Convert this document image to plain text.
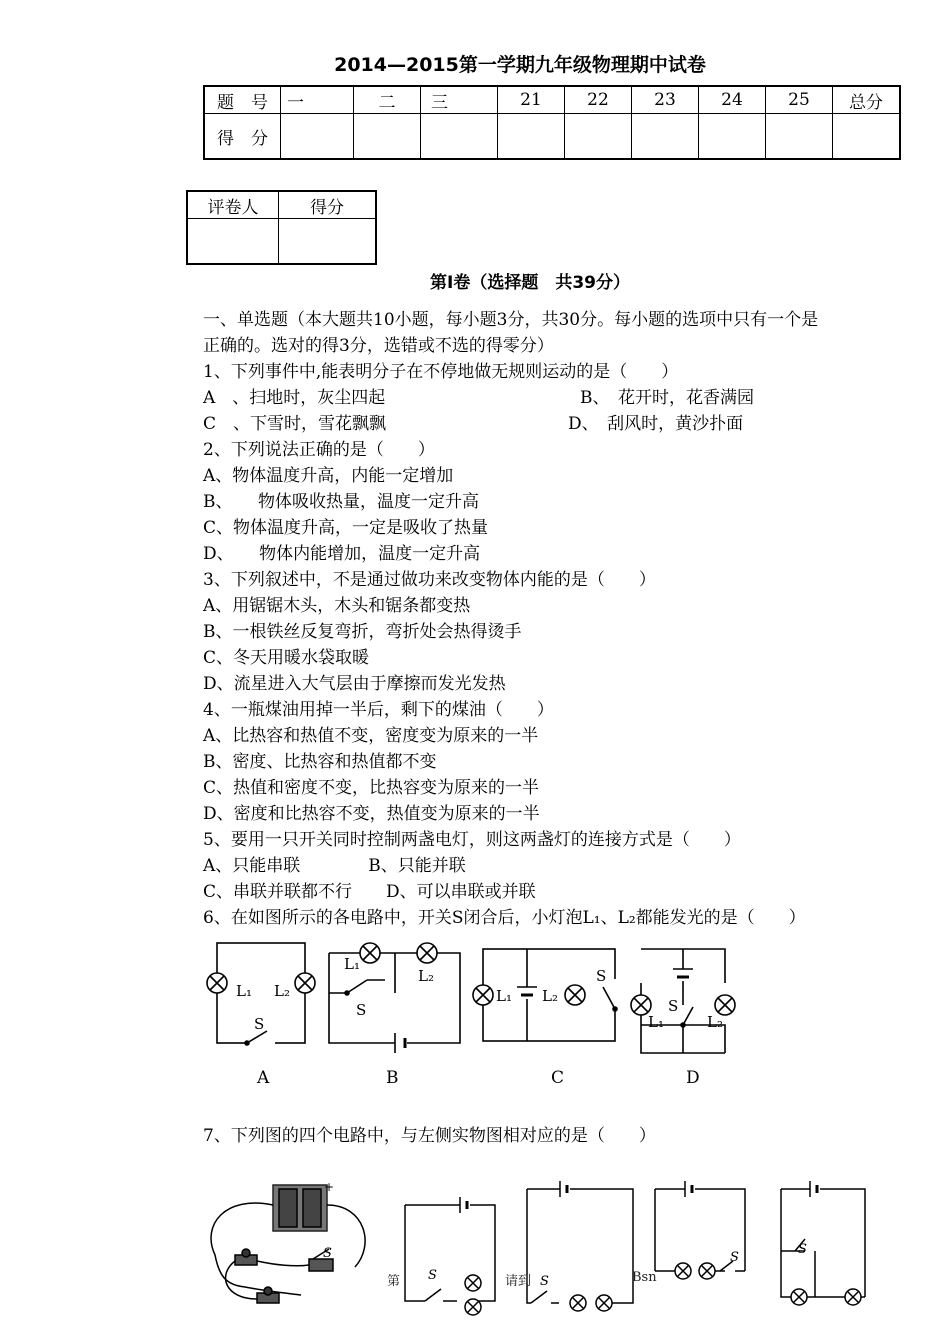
2014—2015第一学期九年级物理期中试卷
题　号	一	二	三	21	22	23	24	25	总分
得　分									
评卷人	得分

第Ⅰ卷（选择题　共39分）
一、单选题（本大题共10小题，每小题3分，共30分。每小题的选项中只有一个是
正确的。选对的得3分，选错或不选的得零分）
1、下列事件中,能表明分子在不停地做无规则运动的是（　　）
A　、扫地时，灰尘四起	B、　花开时，花香满园
C　、下雪时，雪花飘飘	D、　刮风时，黄沙扑面
2、下列说法正确的是（　　）
A、物体温度升高，内能一定增加
B、　　物体吸收热量，温度一定升高
C、物体温度升高，一定是吸收了热量
D、　　物体内能增加，温度一定升高
3、下列叙述中，不是通过做功来改变物体内能的是（　　）
A、用锯锯木头，木头和锯条都变热
B、一根铁丝反复弯折，弯折处会热得烫手
C、冬天用暖水袋取暖
D、流星进入大气层由于摩擦而发光发热
4、一瓶煤油用掉一半后，剩下的煤油（　　）
A、比热容和热值不变，密度变为原来的一半
B、密度、比热容和热值都不变
C、热值和密度不变，比热容变为原来的一半
D、密度和比热容不变，热值变为原来的一半
5、要用一只开关同时控制两盏电灯，则这两盏灯的连接方式是（　　）
A、只能串联　　　　B、只能并联
C、串联并联都不行　　D、可以串联或并联
6、在如图所示的各电路中，开关S闭合后，小灯泡L₁、L₂都能发光的是（　　）
L₁ L₂
S
L₁
L₂
S
L₁ L₂
S
L₁	L₂
S
A	B	C	D
7、下列图的四个电路中，与左侧实物图相对应的是（　　）
+
S
S	S
S
S
第	请到	Bsn
